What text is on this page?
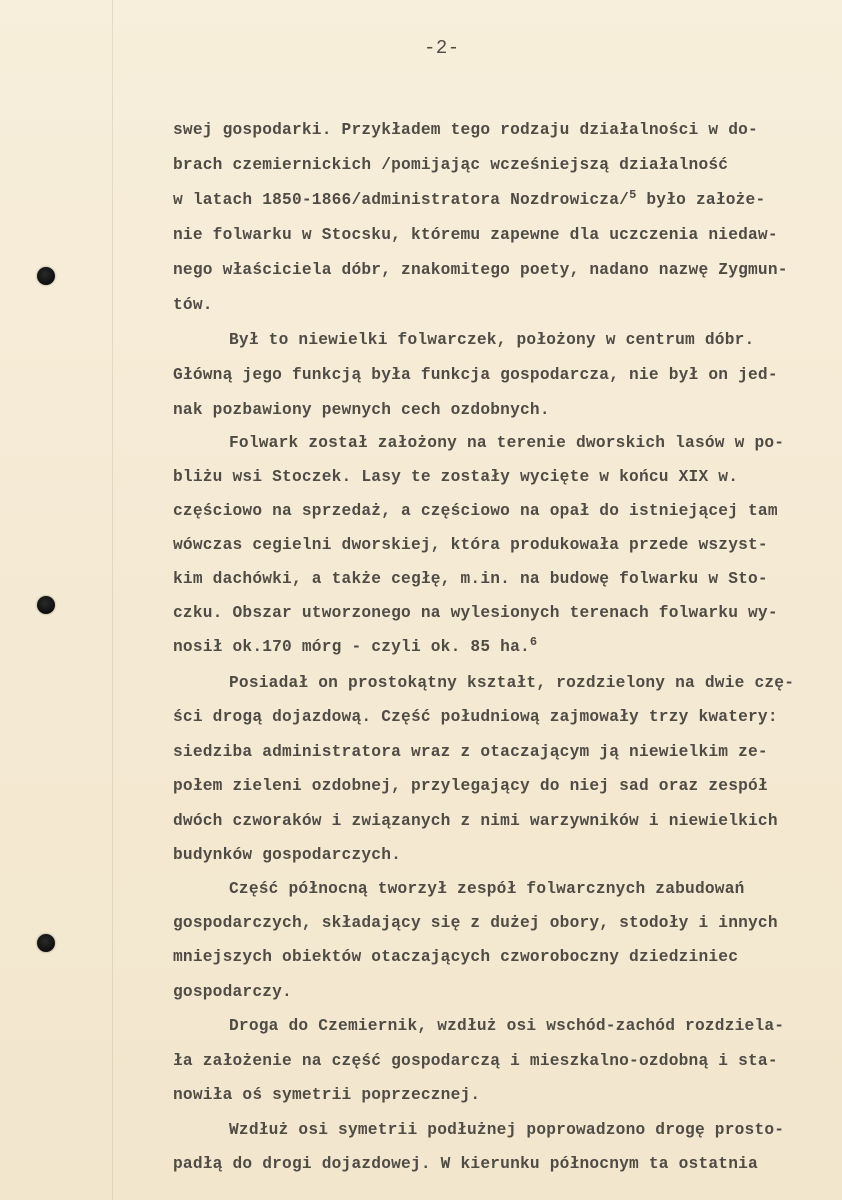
-2-
swej gospodarki. Przykładem tego rodzaju działalności w do-
brach czemiernickich /pomijając wcześniejszą działalność
w latach 1850-1866/administratora Nozdrowicza/$^5$ było założe-
nie folwarku w Stocsku, któremu zapewne dla uczczenia niedaw-
nego właściciela dóbr, znakomitego poety, nadano nazwę Zygmun-
tów.
Był to niewielki folwarczek, położony w centrum dóbr.
Główną jego funkcją była funkcja gospodarcza, nie był on jed-
nak pozbawiony pewnych cech ozdobnych.
Folwark został założony na terenie dworskich lasów w po-
bliżu wsi Stoczek. Lasy te zostały wycięte w końcu XIX w.
częściowo na sprzedaż, a częściowo na opał do istniejącej tam
wówczas cegielni dworskiej, która produkowała przede wszyst-
kim dachówki, a także cegłę, m.in. na budowę folwarku w Sto-
czku. Obszar utworzonego na wylesionych terenach folwarku wy-
nosił ok.170 mórg - czyli ok. 85 ha.$^6$
Posiadał on prostokątny kształt, rozdzielony na dwie czę-
ści drogą dojazdową. Część południową zajmowały trzy kwatery:
siedziba administratora wraz z otaczającym ją niewielkim ze-
połem zieleni ozdobnej, przylegający do niej sad oraz zespół
dwóch czworaków i związanych z nimi warzywników i niewielkich
budynków gospodarczych.
Część północną tworzył zespół folwarcznych zabudowań
gospodarczych, składający się z dużej obory, stodoły i innych
mniejszych obiektów otaczających czworoboczny dziedziniec
gospodarczy.
Droga do Czemiernik, wzdłuż osi wschód-zachód rozdziela-
ła założenie na część gospodarczą i mieszkalno-ozdobną i sta-
nowiła oś symetrii poprzecznej.
Wzdłuż osi symetrii podłużnej poprowadzono drogę prosto-
padłą do drogi dojazdowej. W kierunku północnym ta ostatnia
